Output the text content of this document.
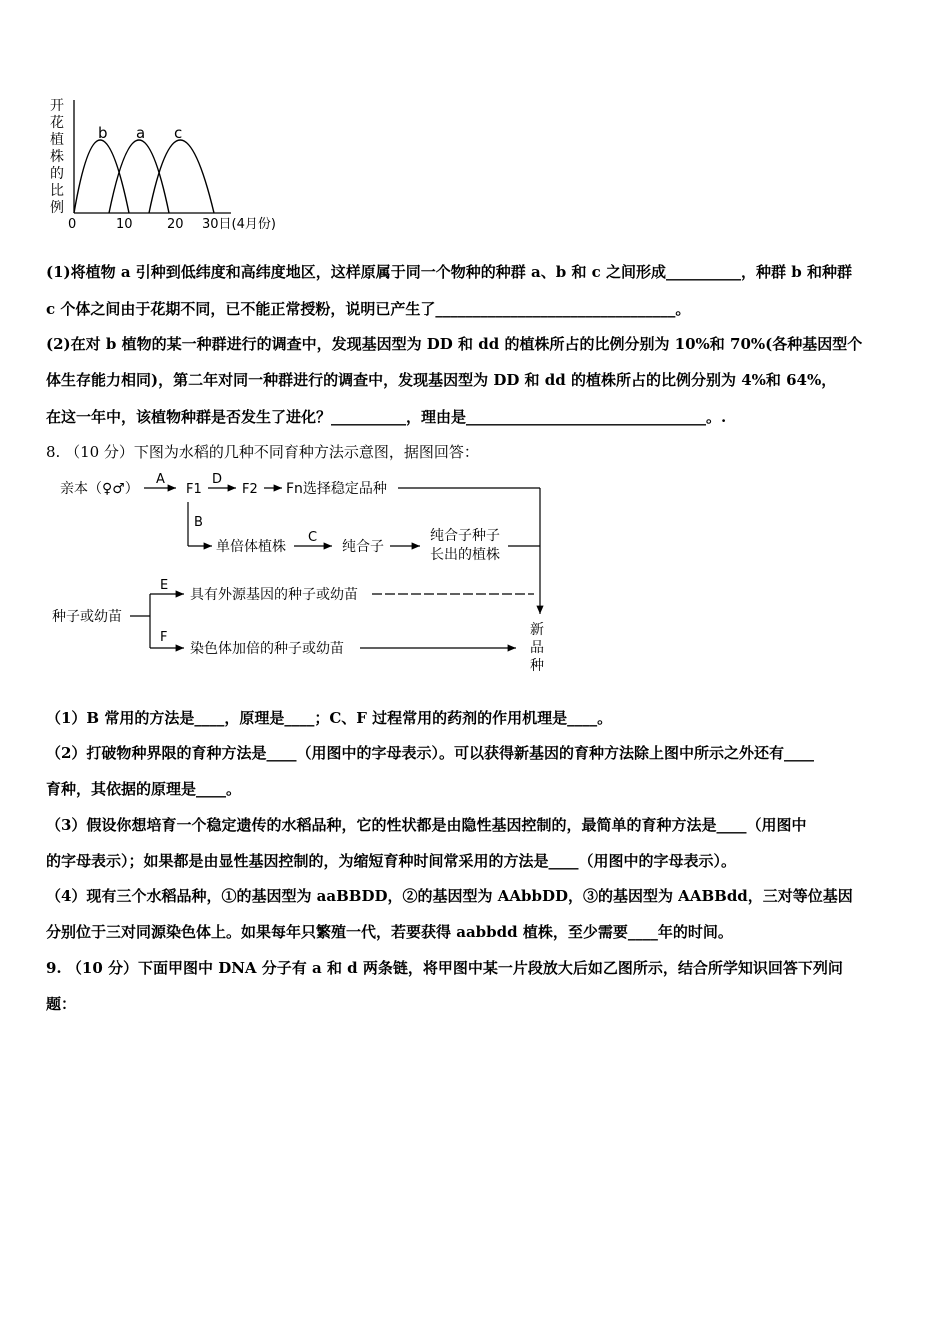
b a c
0	10	20 30日(4月份)
开
花
植
株
的
比
例
(1)将植物 a 引种到低纬度和高纬度地区，这样原属于同一个物种的种群 a、b 和 c 之间形成__________，种群 b 和种群
c 个体之间由于花期不同，已不能正常授粉，说明已产生了________________________________。
(2)在对 b 植物的某一种群进行的调查中，发现基因型为 DD 和 dd 的植株所占的比例分别为 10%和 70%(各种基因型个
体生存能力相同)，第二年对同一种群进行的调查中，发现基因型为 DD 和 dd 的植株所占的比例分别为 4%和 64%，
在这一年中，该植物种群是否发生了进化？__________，理由是________________________________。.
8. （10 分）下图为水稻的几种不同育种方法示意图，据图回答：
亲本（♀♂）
A
F1
D
F2 Fn选择稳定品种
B
单倍体植株
C
纯合子
纯合子种子
长出的植株
种子或幼苗
E
具有外源基因的种子或幼苗
F
染色体加倍的种子或幼苗
新
品
种
（1）B 常用的方法是____，原理是____；C、F 过程常用的药剂的作用机理是____。
（2）打破物种界限的育种方法是____（用图中的字母表示）。可以获得新基因的育种方法除上图中所示之外还有____
育种，其依据的原理是____。
（3）假设你想培育一个稳定遗传的水稻品种，它的性状都是由隐性基因控制的，最简单的育种方法是____（用图中
的字母表示）；如果都是由显性基因控制的，为缩短育种时间常采用的方法是____（用图中的字母表示）。
（4）现有三个水稻品种，①的基因型为 aaBBDD，②的基因型为 AAbbDD，③的基因型为 AABBdd，三对等位基因
分别位于三对同源染色体上。如果每年只繁殖一代，若要获得 aabbdd 植株，至少需要____年的时间。
9. （10 分）下面甲图中 DNA 分子有 a 和 d 两条链，将甲图中某一片段放大后如乙图所示，结合所学知识回答下列问
题：
